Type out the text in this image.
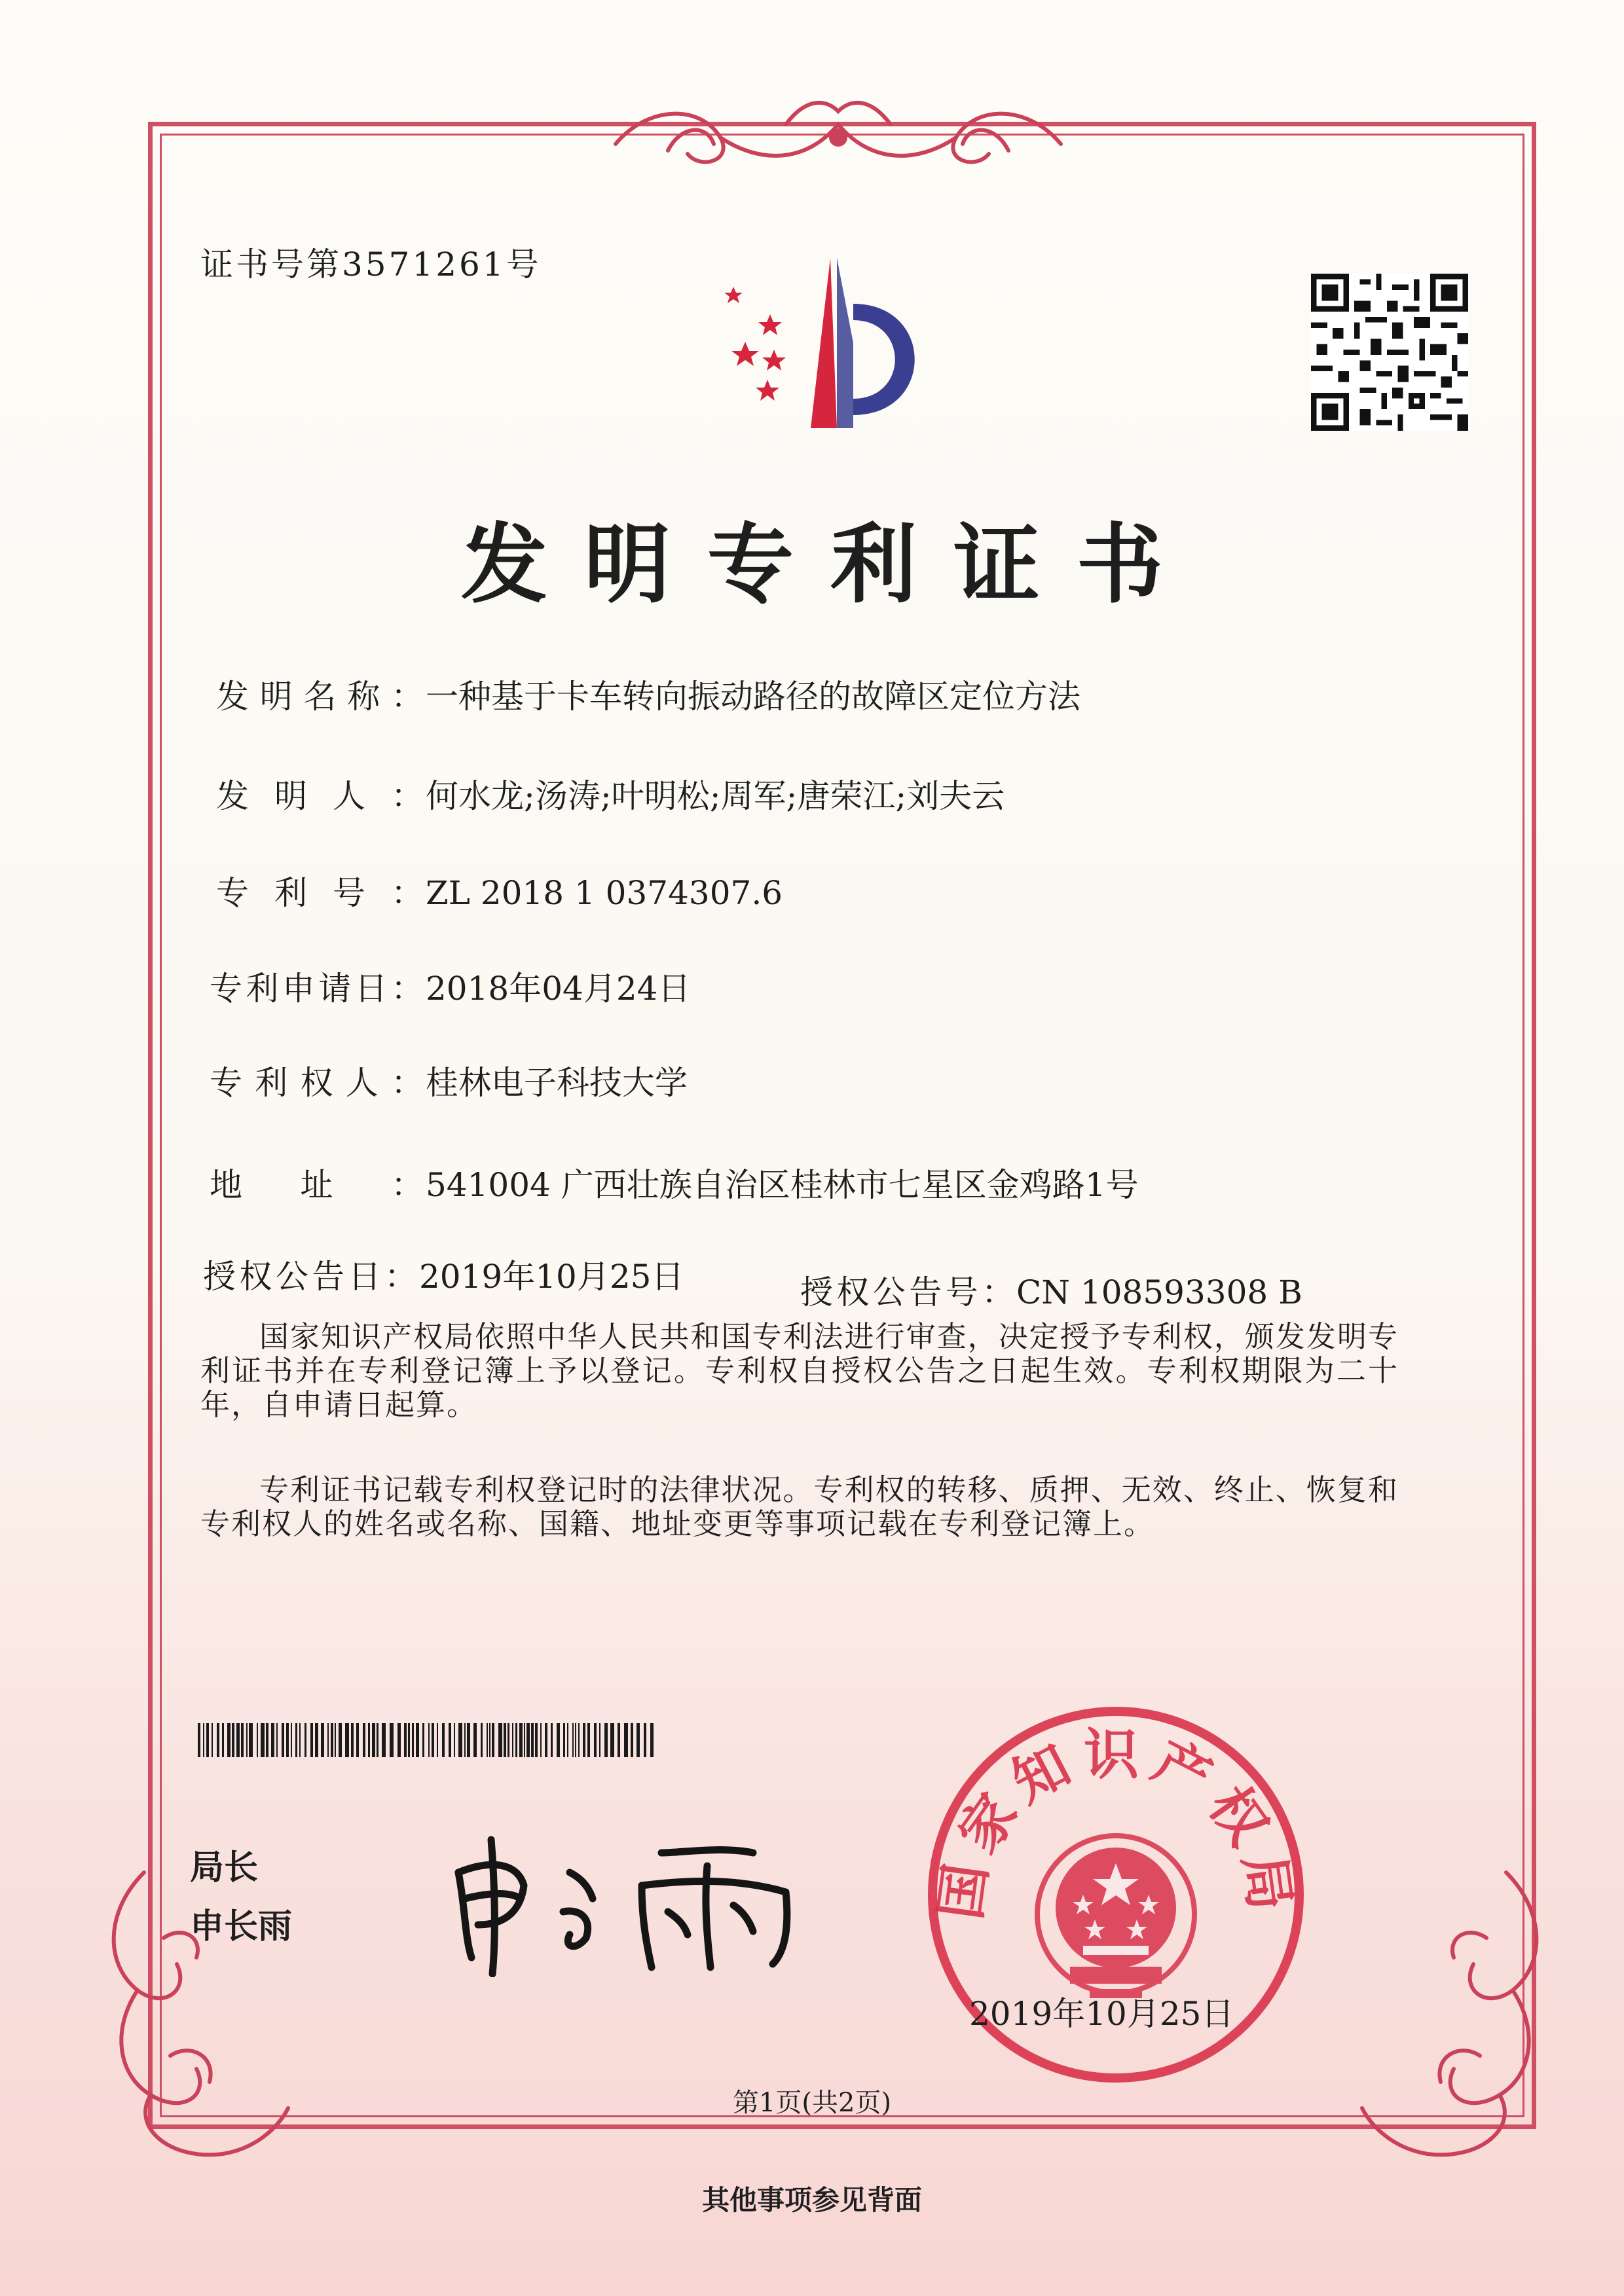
证书号第3571261号
发明专利证书
发明名称：一种基于卡车转向振动路径的故障区定位方法
发明人：何水龙;汤涛;叶明松;周军;唐荣江;刘夫云
专利号：ZL 2018 1 0374307.6
专利申请日：2018年04月24日
专利权人：桂林电子科技大学
地址：541004 广西壮族自治区桂林市七星区金鸡路1号
授权公告日：2019年10月25日	授权公告号：CN 108593308 B
国家知识产权局依照中华人民共和国专利法进行审查，决定授予专利权，颁发发明专利证书并在专利登记簿上予以登记。专利权自授权公告之日起生效。专利权期限为二十年，自申请日起算。
专利证书记载专利权登记时的法律状况。专利权的转移、质押、无效、终止、恢复和专利权人的姓名或名称、国籍、地址变更等事项记载在专利登记簿上。
局长
申长雨
国家知识产权局
2019年10月25日
第1页(共2页)
其他事项参见背面
